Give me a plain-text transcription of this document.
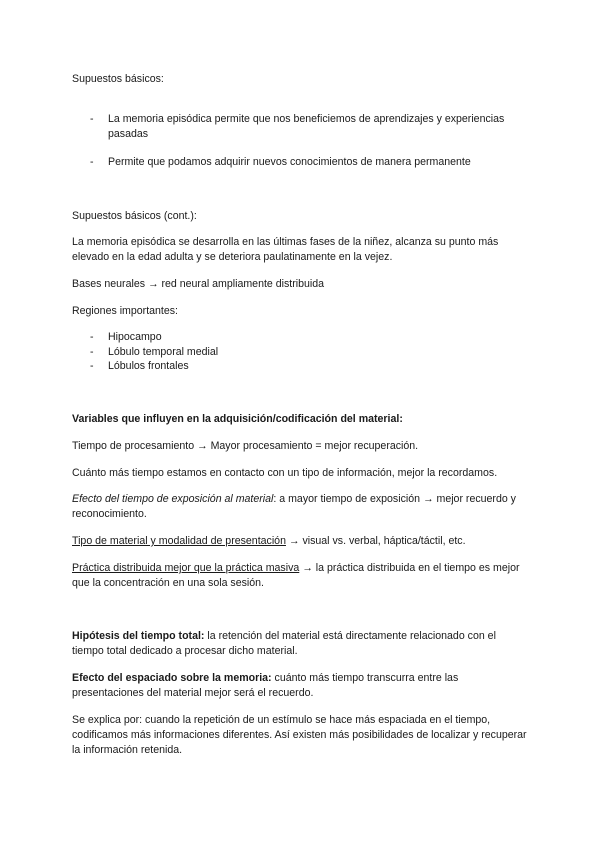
Supuestos básicos:
- La memoria episódica permite que nos beneficiemos de aprendizajes y experiencias pasadas
- Permite que podamos adquirir nuevos conocimientos de manera permanente
Supuestos básicos (cont.):
La memoria episódica se desarrolla en las últimas fases de la niñez, alcanza su punto más elevado en la edad adulta y se deteriora paulatinamente en la vejez.
Bases neurales → red neural ampliamente distribuida
Regiones importantes:
- Hipocampo
- Lóbulo temporal medial
- Lóbulos frontales
Variables que influyen en la adquisición/codificación del material:
Tiempo de procesamiento → Mayor procesamiento = mejor recuperación.
Cuánto más tiempo estamos en contacto con un tipo de información, mejor la recordamos.
Efecto del tiempo de exposición al material: a mayor tiempo de exposición → mejor recuerdo y reconocimiento.
Tipo de material y modalidad de presentación → visual vs. verbal, háptica/táctil, etc.
Práctica distribuida mejor que la práctica masiva → la práctica distribuida en el tiempo es mejor que la concentración en una sola sesión.
Hipótesis del tiempo total: la retención del material está directamente relacionado con el tiempo total dedicado a procesar dicho material.
Efecto del espaciado sobre la memoria: cuánto más tiempo transcurra entre las presentaciones del material mejor será el recuerdo.
Se explica por: cuando la repetición de un estímulo se hace más espaciada en el tiempo, codificamos más informaciones diferentes. Así existen más posibilidades de localizar y recuperar la información retenida.
